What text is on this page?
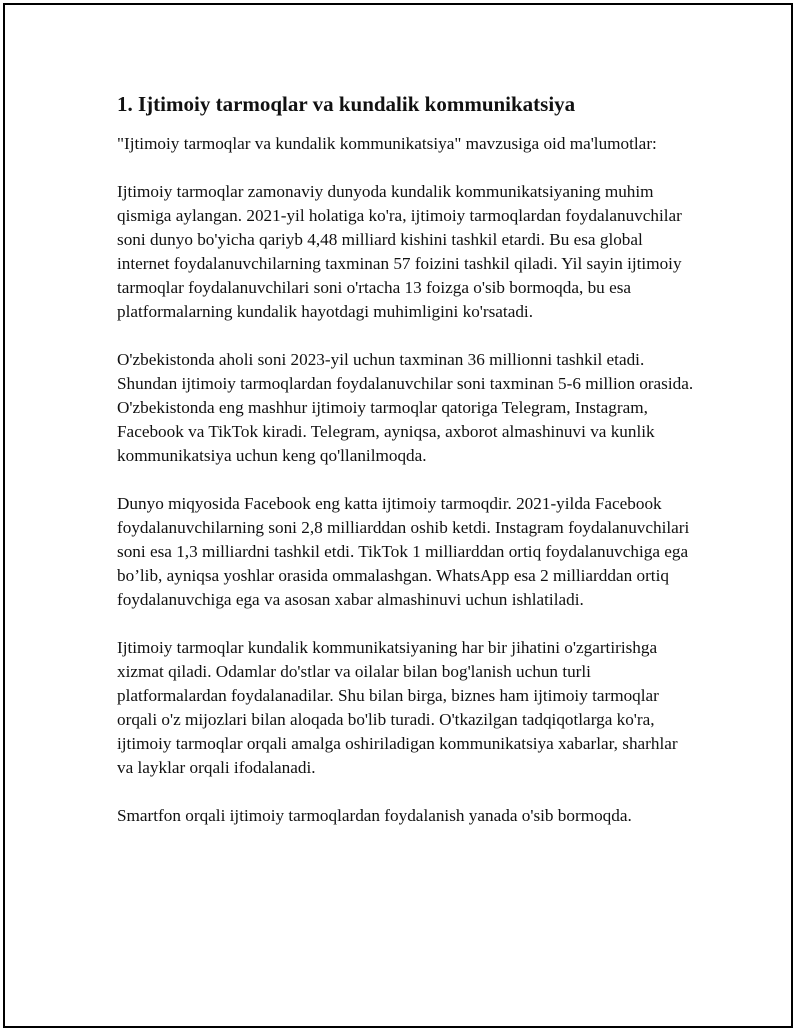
1. Ijtimoiy tarmoqlar va kundalik kommunikatsiya

"Ijtimoiy tarmoqlar va kundalik kommunikatsiya" mavzusiga oid ma'lumotlar:

Ijtimoiy tarmoqlar zamonaviy dunyoda kundalik kommunikatsiyaning muhim qismiga aylangan. 2021-yil holatiga ko'ra, ijtimoiy tarmoqlardan foydalanuvchilar soni dunyo bo'yicha qariyb 4,48 milliard kishini tashkil etardi. Bu esa global internet foydalanuvchilarning taxminan 57 foizini tashkil qiladi. Yil sayin ijtimoiy tarmoqlar foydalanuvchilari soni o'rtacha 13 foizga o'sib bormoqda, bu esa platformalarning kundalik hayotdagi muhimligini ko'rsatadi.

O'zbekistonda aholi soni 2023-yil uchun taxminan 36 millionni tashkil etadi. Shundan ijtimoiy tarmoqlardan foydalanuvchilar soni taxminan 5-6 million orasida. O'zbekistonda eng mashhur ijtimoiy tarmoqlar qatoriga Telegram, Instagram, Facebook va TikTok kiradi. Telegram, ayniqsa, axborot almashinuvi va kunlik kommunikatsiya uchun keng qo'llanilmoqda.

Dunyo miqyosida Facebook eng katta ijtimoiy tarmoqdir. 2021-yilda Facebook foydalanuvchilarning soni 2,8 milliarddan oshib ketdi. Instagram foydalanuvchilari soni esa 1,3 milliardni tashkil etdi. TikTok 1 milliarddan ortiq foydalanuvchiga ega bo’lib, ayniqsa yoshlar orasida ommalashgan. WhatsApp esa 2 milliarddan ortiq foydalanuvchiga ega va asosan xabar almashinuvi uchun ishlatiladi.

Ijtimoiy tarmoqlar kundalik kommunikatsiyaning har bir jihatini o'zgartirishga xizmat qiladi. Odamlar do'stlar va oilalar bilan bog'lanish uchun turli platformalardan foydalanadilar. Shu bilan birga, biznes ham ijtimoiy tarmoqlar orqali o'z mijozlari bilan aloqada bo'lib turadi. O'tkazilgan tadqiqotlarga ko'ra, ijtimoiy tarmoqlar orqali amalga oshiriladigan kommunikatsiya xabarlar, sharhlar va layklar orqali ifodalanadi.

Smartfon orqali ijtimoiy tarmoqlardan foydalanish yanada o'sib bormoqda.
